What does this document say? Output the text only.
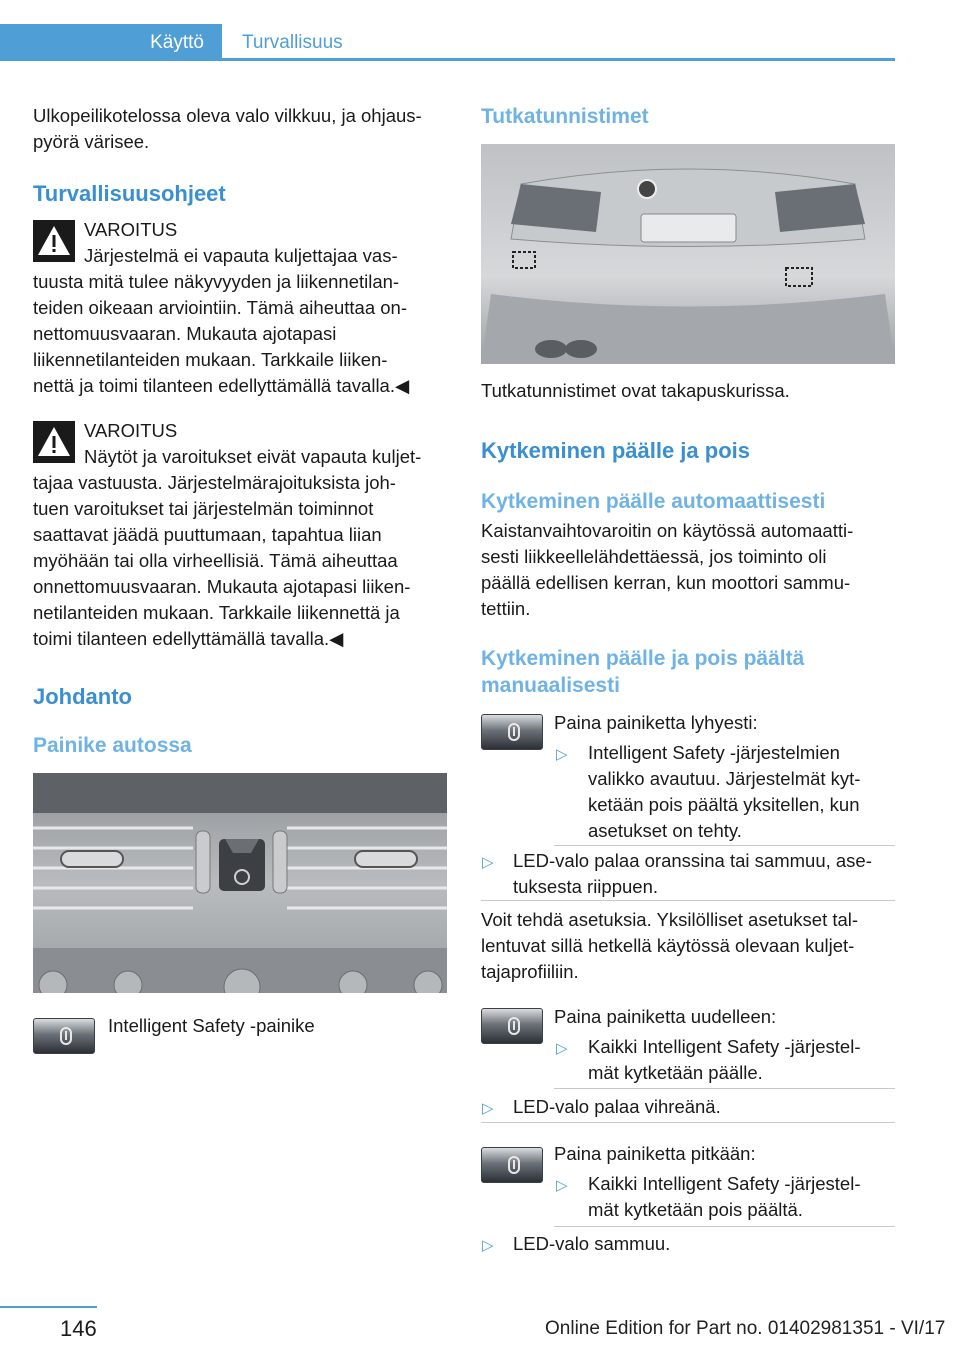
Käyttö	Turvallisuus
Ulkopeilikotelossa oleva valo vilkkuu, ja ohjaus-
pyörä värisee.
Turvallisuusohjeet
VAROITUS
Järjestelmä ei vapauta kuljettajaa vas-
tuusta mitä tulee näkyvyyden ja liikennetilan-
teiden oikeaan arviointiin. Tämä aiheuttaa on-
nettomuusvaaran. Mukauta ajotapasi
liikennetilanteiden mukaan. Tarkkaile liiken-
nettä ja toimi tilanteen edellyttämällä tavalla.◀
VAROITUS
Näytöt ja varoitukset eivät vapauta kuljet-
tajaa vastuusta. Järjestelmärajoituksista joh-
tuen varoitukset tai järjestelmän toiminnot
saattavat jäädä puuttumaan, tapahtua liian
myöhään tai olla virheellisiä. Tämä aiheuttaa
onnettomuusvaaran. Mukauta ajotapasi liiken-
netilanteiden mukaan. Tarkkaile liikennettä ja
toimi tilanteen edellyttämällä tavalla.◀
Johdanto
Painike autossa
Intelligent Safety -painike
Tutkatunnistimet
Tutkatunnistimet ovat takapuskurissa.
Kytkeminen päälle ja pois
Kytkeminen päälle automaattisesti
Kaistanvaihtovaroitin on käytössä automaatti-
sesti liikkeellelähdettäessä, jos toiminto oli
päällä edellisen kerran, kun moottori sammu-
tettiin.
Kytkeminen päälle ja pois päältä
manuaalisesti
Paina painiketta lyhyesti:
▷ Intelligent Safety -järjestelmien
valikko avautuu. Järjestelmät kyt-
ketään pois päältä yksitellen, kun
asetukset on tehty.
▷ LED-valo palaa oranssina tai sammuu, ase-
tuksesta riippuen.
Voit tehdä asetuksia. Yksilölliset asetukset tal-
lentuvat sillä hetkellä käytössä olevaan kuljet-
tajaprofiiliin.
Paina painiketta uudelleen:
▷ Kaikki Intelligent Safety -järjestel-
mät kytketään päälle.
▷ LED-valo palaa vihreänä.
Paina painiketta pitkään:
▷ Kaikki Intelligent Safety -järjestel-
mät kytketään pois päältä.
▷ LED-valo sammuu.
146	Online Edition for Part no. 01402981351 - VI/17
